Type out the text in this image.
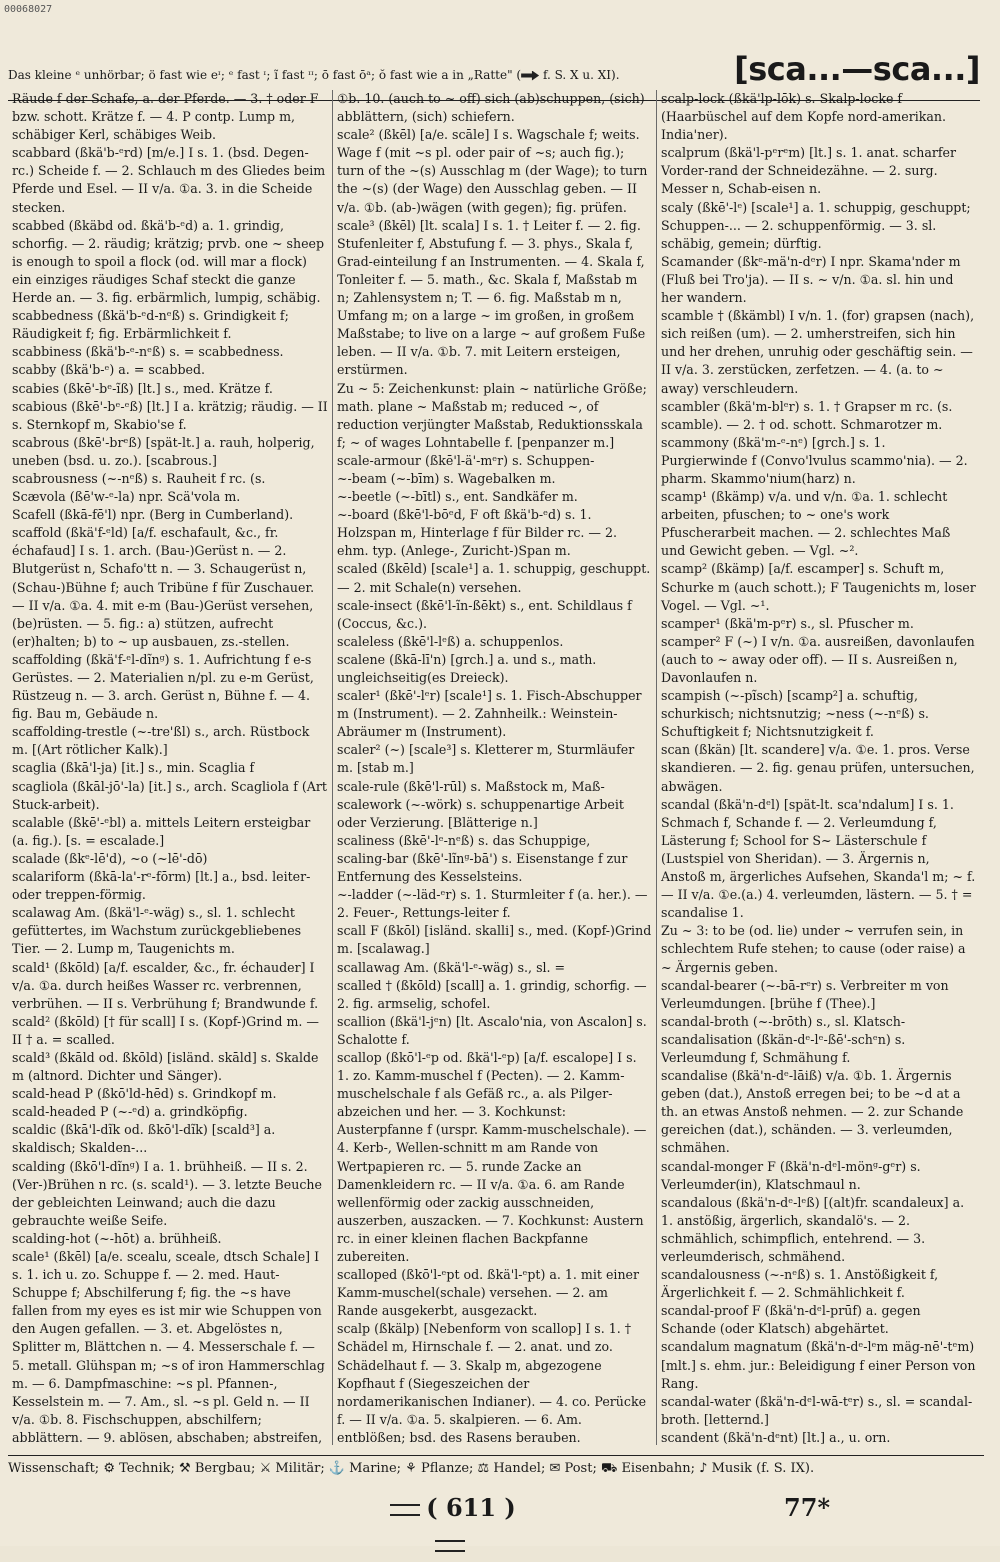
00068027
Das kleine ᵉ unhörbar; ö fast wie eᶦ; ᵉ fast ᶦ; ĩ fast ᶦᶦ; ō fast ōᵃ; ŏ fast wie a in „Ratte" ( f. S. X u. XI).	[sca...—sca...]

Räude f der Schafe, a. der Pferde. — 3. † oder F bzw. schott. Krätze f. — 4. P contp. Lump m, schäbiger Kerl, schäbiges Weib.

scabbard (ßkä'b-ᵉrd) [m/e.] I s. 1. (bsd. Degen- rc.) Scheide f. — 2. Schlauch m des Gliedes beim Pferde und Esel. — II v/a. ①a. 3. in die Scheide stecken.

scabbed (ßkäbd od. ßkä'b-ᵉd) a. 1. grindig, schorfig. — 2. räudig; krätzig; prvb. one ~ sheep is enough to spoil a flock (od. will mar a flock) ein einziges räudiges Schaf steckt die ganze Herde an. — 3. fig. erbärmlich, lumpig, schäbig.

scabbedness (ßkä'b-ᵉd-nᵉß) s. Grindigkeit f; Räudigkeit f; fig. Erbärmlichkeit f.

scabbiness (ßkä'b-ᵉ-nᵉß) s. = scabbedness.

scabby (ßkä'b-ᵉ) a. = scabbed.

scabies (ßkē'-bᵉ-ĩß) [lt.] s., med. Krätze f.

scabious (ßkē'-bᵉ-ᵉß) [lt.] I a. krätzig; räudig. — II s. Sternkopf m, Skabio'se f.

scabrous (ßkē'-brᵉß) [spät-lt.] a. rauh, holperig, uneben (bsd. u. zo.). [scabrous.]

scabrousness (~-nᵉß) s. Rauheit f rc. (s.

Scævola (ßē'w-ᵉ-la) npr. Scä'vola m.

Scafell (ßkā-fē'l) npr. (Berg in Cumberland).

scaffold (ßkä'f-ᵉld) [a/f. eschafault, &c., fr. échafaud] I s. 1. arch. (Bau-)Gerüst n. — 2. Blutgerüst n, Schafo'tt n. — 3. Schaugerüst n, (Schau-)Bühne f; auch Tribüne f für Zuschauer. — II v/a. ①a. 4. mit e-m (Bau-)Gerüst versehen, (be)rüsten. — 5. fig.: a) stützen, aufrecht (er)halten; b) to ~ up ausbauen, zs.-stellen.

scaffolding (ßkä'f-ᵉl-dĩnᵍ) s. 1. Aufrichtung f e-s Gerüstes. — 2. Materialien n/pl. zu e-m Gerüst, Rüstzeug n. — 3. arch. Gerüst n, Bühne f. — 4. fig. Bau m, Gebäude n.

scaffolding-trestle (~-tre'ßl) s., arch. Rüstbock m. [(Art rötlicher Kalk).]

scaglia (ßkā'l-ja) [it.] s., min. Scaglia f

scagliola (ßkāl-jō'-la) [it.] s., arch. Scagliola f (Art Stuck-arbeit).

scalable (ßkē'-ᵉbl) a. mittels Leitern ersteigbar (a. fig.). [s. = escalade.]

scalade (ßkᵉ-lē'd), ~o (~lē'-dō)

scalariform (ßkā-la'-rᵉ-fōrm) [lt.] a., bsd. leiter- oder treppen-förmig.

scalawag Am. (ßkä'l-ᵉ-wäg) s., sl. 1. schlecht gefüttertes, im Wachstum zurückgebliebenes Tier. — 2. Lump m, Taugenichts m.

scald¹ (ßkōld) [a/f. escalder, &c., fr. échauder] I v/a. ①a. durch heißes Wasser rc. verbrennen, verbrühen. — II s. Verbrühung f; Brandwunde f.

scald² (ßkōld) [† für scall] I s. (Kopf-)Grind m. — II † a. = scalled.

scald³ (ßkāld od. ßkōld) [isländ. skāld] s. Skalde m (altnord. Dichter und Sänger).

scald-head P (ßkō'ld-hēd) s. Grindkopf m.

scald-headed P (~-ᵉd) a. grindköpfig.

scaldic (ßkā'l-dĩk od. ßkō'l-dĩk) [scald³] a. skaldisch; Skalden-...

scalding (ßkō'l-dĩnᵍ) I a. 1. brühheiß. — II s. 2. (Ver-)Brühen n rc. (s. scald¹). — 3. letzte Beuche der gebleichten Leinwand; auch die dazu gebrauchte weiße Seife.

scalding-hot (~-hōt) a. brühheiß.

scale¹ (ßkēl) [a/e. scealu, sceale, dtsch Schale] I s. 1. ich u. zo. Schuppe f. — 2. med. Haut-Schuppe f; Abschilferung f; fig. the ~s have fallen from my eyes es ist mir wie Schuppen von den Augen gefallen. — 3. et. Abgelöstes n, Splitter m, Blättchen n. — 4. Messerschale f. — 5. metall. Glühspan m; ~s of iron Hammerschlag m. — 6. Dampfmaschine: ~s pl. Pfannen-, Kesselstein m. — 7. Am., sl. ~s pl. Geld n. — II v/a. ①b. 8. Fischschuppen, abschilfern; abblättern. — 9. ablösen, abschaben; abstreifen,

①b. 10. (auch to ~ off) sich (ab)schuppen, (sich) abblättern, (sich) schiefern.

scale² (ßkēl) [a/e. scāle] I s. Wagschale f; weits. Wage f (mit ~s pl. oder pair of ~s; auch fig.); turn of the ~(s) Ausschlag m (der Wage); to turn the ~(s) (der Wage) den Ausschlag geben. — II v/a. ①b. (ab-)wägen (with gegen); fig. prüfen.

scale³ (ßkēl) [lt. scala] I s. 1. † Leiter f. — 2. fig. Stufenleiter f, Abstufung f. — 3. phys., Skala f, Grad-einteilung f an Instrumenten. — 4. Skala f, Tonleiter f. — 5. math., &c. Skala f, Maßstab m n; Zahlensystem n; T. — 6. fig. Maßstab m n, Umfang m; on a large ~ im großen, in großem Maßstabe; to live on a large ~ auf großem Fuße leben. — II v/a. ①b. 7. mit Leitern ersteigen, erstürmen.

Zu ~ 5: Zeichenkunst: plain ~ natürliche Größe; math. plane ~ Maßstab m; reduced ~, of reduction verjüngter Maßstab, Reduktionsskala f; ~ of wages Lohntabelle f. [penpanzer m.]

scale-armour (ßkē'l-ä'-mᵉr) s. Schuppen-

~-beam (~-bīm) s. Wagebalken m.

~-beetle (~-bītl) s., ent. Sandkäfer m.

~-board (ßkē'l-bōᵉd, F oft ßkä'b-ᵉd) s. 1. Holzspan m, Hinterlage f für Bilder rc. — 2. ehm. typ. (Anlege-, Zuricht-)Span m.

scaled (ßkēld) [scale¹] a. 1. schuppig, geschuppt. — 2. mit Schale(n) versehen.

scale-insect (ßkē'l-ĩn-ßēkt) s., ent. Schildlaus f (Coccus, &c.).

scaleless (ßkē'l-lᵉß) a. schuppenlos.

scalene (ßkā-lī'n) [grch.] a. und s., math. ungleichseitig(es Dreieck).

scaler¹ (ßkē'-lᵉr) [scale¹] s. 1. Fisch-Abschupper m (Instrument). — 2. Zahnheilk.: Weinstein-Abräumer m (Instrument).

scaler² (~) [scale³] s. Kletterer m, Sturmläufer m. [stab m.]

scale-rule (ßkē'l-rūl) s. Maßstock m, Maß-

scalework (~-wörk) s. schuppenartige Arbeit oder Verzierung. [Blätterige n.]

scaliness (ßkē'-lᵉ-nᵉß) s. das Schuppige,

scaling-bar (ßkē'-lĩnᵍ-bā') s. Eisenstange f zur Entfernung des Kesselsteins.

~-ladder (~-läd-ᵉr) s. 1. Sturmleiter f (a. her.). — 2. Feuer-, Rettungs-leiter f.

scall F (ßkōl) [isländ. skalli] s., med. (Kopf-)Grind m. [scalawag.]

scallawag Am. (ßkä'l-ᵉ-wäg) s., sl. =

scalled † (ßkōld) [scall] a. 1. grindig, schorfig. — 2. fig. armselig, schofel.

scallion (ßkä'l-jᵉn) [lt. Ascalo'nia, von Ascalon] s. Schalotte f.

scallop (ßkō'l-ᵉp od. ßkä'l-ᵉp) [a/f. escalope] I s. 1. zo. Kamm-muschel f (Pecten). — 2. Kamm-muschelschale f als Gefäß rc., a. als Pilger-abzeichen und her. — 3. Kochkunst: Austerpfanne f (urspr. Kamm-muschelschale). — 4. Kerb-, Wellen-schnitt m am Rande von Wertpapieren rc. — 5. runde Zacke an Damenkleidern rc. — II v/a. ①a. 6. am Rande wellenförmig oder zackig ausschneiden, auszerben, auszacken. — 7. Kochkunst: Austern rc. in einer kleinen flachen Backpfanne zubereiten.

scalloped (ßkō'l-ᵉpt od. ßkä'l-ᵉpt) a. 1. mit einer Kamm-muschel(schale) versehen. — 2. am Rande ausgekerbt, ausgezackt.

scalp (ßkälp) [Nebenform von scallop] I s. 1. † Schädel m, Hirnschale f. — 2. anat. und zo. Schädelhaut f. — 3. Skalp m, abgezogene Kopfhaut f (Siegeszeichen der nordamerikanischen Indianer). — 4. co. Perücke f. — II v/a. ①a. 5. skalpieren. — 6. Am. entblößen; bsd. des Rasens berauben.

scalp-lock (ßkä'lp-lōk) s. Skalp-locke f (Haarbüschel auf dem Kopfe nord-amerikan. India'ner).

scalprum (ßkä'l-pᵉrᵉm) [lt.] s. 1. anat. scharfer Vorder-rand der Schneidezähne. — 2. surg. Messer n, Schab-eisen n.

scaly (ßkē'-lᵉ) [scale¹] a. 1. schuppig, geschuppt; Schuppen-... — 2. schuppenförmig. — 3. sl. schäbig, gemein; dürftig.

Scamander (ßkᵉ-mä'n-dᵉr) I npr. Skama'nder m (Fluß bei Tro'ja). — II s. ~ v/n. ①a. sl. hin und her wandern.

scamble † (ßkämbl) I v/n. 1. (for) grapsen (nach), sich reißen (um). — 2. umherstreifen, sich hin und her drehen, unruhig oder geschäftig sein. — II v/a. 3. zerstücken, zerfetzen. — 4. (a. to ~ away) verschleudern.

scambler (ßkä'm-blᵉr) s. 1. † Grapser m rc. (s. scamble). — 2. † od. schott. Schmarotzer m.

scammony (ßkä'm-ᵉ-nᵉ) [grch.] s. 1. Purgierwinde f (Convo'lvulus scammo'nia). — 2. pharm. Skammo'nium(harz) n.

scamp¹ (ßkämp) v/a. und v/n. ①a. 1. schlecht arbeiten, pfuschen; to ~ one's work Pfuscherarbeit machen. — 2. schlechtes Maß und Gewicht geben. — Vgl. ~².

scamp² (ßkämp) [a/f. escamper] s. Schuft m, Schurke m (auch schott.); F Taugenichts m, loser Vogel. — Vgl. ~¹.

scamper¹ (ßkä'm-pᵉr) s., sl. Pfuscher m.

scamper² F (~) I v/n. ①a. ausreißen, davonlaufen (auch to ~ away oder off). — II s. Ausreißen n, Davonlaufen n.

scampish (~-pĩsch) [scamp²] a. schuftig, schurkisch; nichtsnutzig; ~ness (~-nᵉß) s. Schuftigkeit f; Nichtsnutzigkeit f.

scan (ßkän) [lt. scandere] v/a. ①e. 1. pros. Verse skandieren. — 2. fig. genau prüfen, untersuchen, abwägen.

scandal (ßkä'n-dᵉl) [spät-lt. sca'ndalum] I s. 1. Schmach f, Schande f. — 2. Verleumdung f, Lästerung f; School for S~ Lästerschule f (Lustspiel von Sheridan). — 3. Ärgernis n, Anstoß m, ärgerliches Aufsehen, Skanda'l m; ~ f. — II v/a. ①e.(a.) 4. verleumden, lästern. — 5. † = scandalise 1.

Zu ~ 3: to be (od. lie) under ~ verrufen sein, in schlechtem Rufe stehen; to cause (oder raise) a ~ Ärgernis geben.

scandal-bearer (~-bā-rᵉr) s. Verbreiter m von Verleumdungen. [brühe f (Thee).]

scandal-broth (~-brōth) s., sl. Klatsch-

scandalisation (ßkän-dᵉ-lᵉ-ßē'-schᵉn) s. Verleumdung f, Schmähung f.

scandalise (ßkä'n-dᵉ-lāiß) v/a. ①b. 1. Ärgernis geben (dat.), Anstoß erregen bei; to be ~d at a th. an etwas Anstoß nehmen. — 2. zur Schande gereichen (dat.), schänden. — 3. verleumden, schmähen.

scandal-monger F (ßkä'n-dᵉl-mönᵍ-gᵉr) s. Verleumder(in), Klatschmaul n.

scandalous (ßkä'n-dᵉ-lᵉß) [(alt)fr. scandaleux] a. 1. anstößig, ärgerlich, skandalö's. — 2. schmählich, schimpflich, entehrend. — 3. verleumderisch, schmähend.

scandalousness (~-nᵉß) s. 1. Anstößigkeit f, Ärgerlichkeit f. — 2. Schmählichkeit f.

scandal-proof F (ßkä'n-dᵉl-prūf) a. gegen Schande (oder Klatsch) abgehärtet.

scandalum magnatum (ßkä'n-dᵉ-lᵉm mäg-nē'-tᵉm) [mlt.] s. ehm. jur.: Beleidigung f einer Person von Rang.

scandal-water (ßkä'n-dᵉl-wā-tᵉr) s., sl. = scandal-broth. [letternd.]

scandent (ßkä'n-dᵉnt) [lt.] a., u. orn.

Wissenschaft; ⚙ Technik; ⚒ Bergbau; ⚔ Militär; ⚓ Marine; ⚘ Pflanze; ⚖ Handel; ✉ Post; ⛟ Eisenbahn; ♪ Musik (f. S. IX).
( 611 )	77*
